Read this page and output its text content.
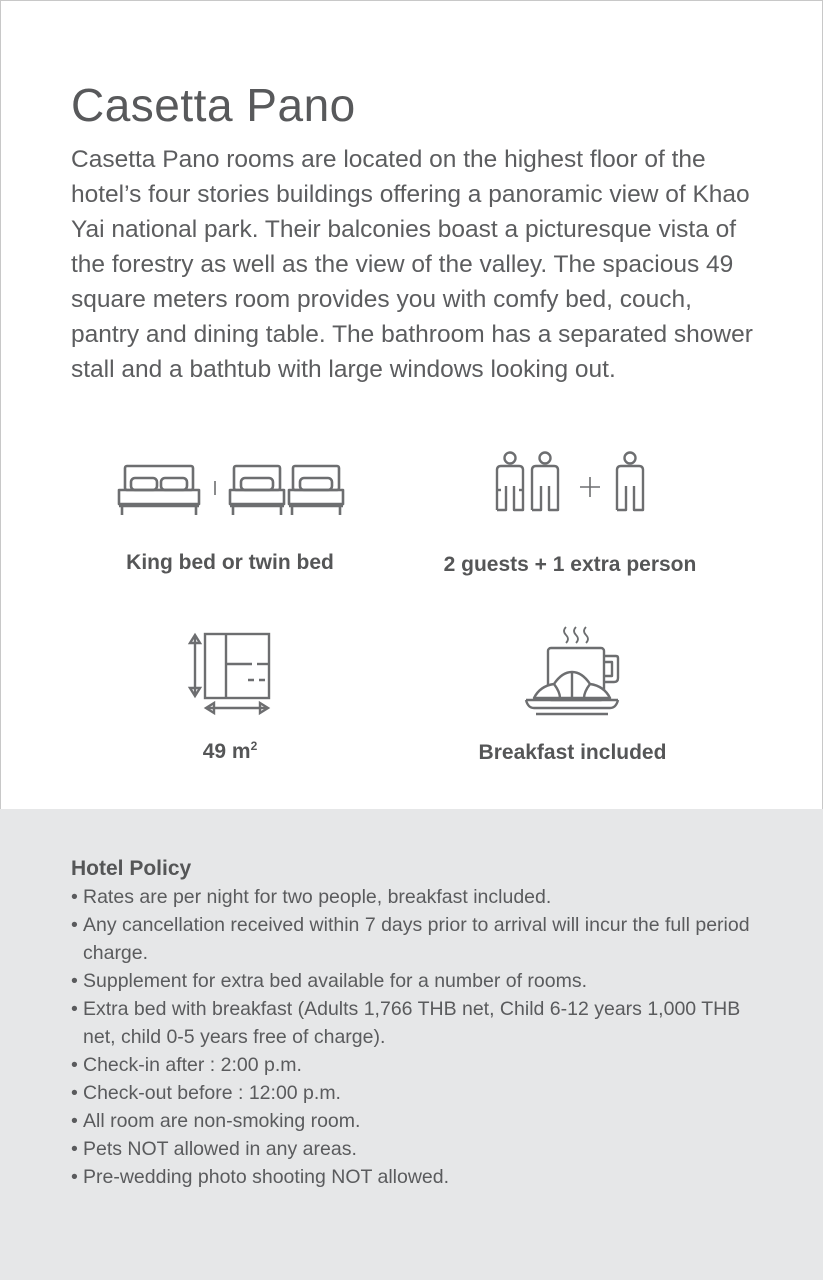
Casetta Pano

Casetta Pano rooms are located on the highest floor of the hotel’s four stories buildings offering a panoramic view of Khao Yai national park. Their balconies boast a picturesque vista of the forestry as well as the view of the valley. The spacious 49 square meters room provides you with comfy bed, couch, pantry and dining table. The bathroom has a separated shower stall and a bathtub with large windows looking out.

King bed or twin bed	2 guests + 1 extra person
49 $m^2$	Breakfast included
Hotel Policy
• Rates are per night for two people, breakfast included.
• Any cancellation received within 7 days prior to arrival will incur the full period charge.
• Supplement for extra bed available for a number of rooms.
• Extra bed with breakfast (Adults 1,766 THB net, Child 6-12 years 1,000 THB net, child 0-5 years free of charge).
• Check-in after : 2:00 p.m.
• Check-out before : 12:00 p.m.
• All room are non-smoking room.
• Pets NOT allowed in any areas.
• Pre-wedding photo shooting NOT allowed.
